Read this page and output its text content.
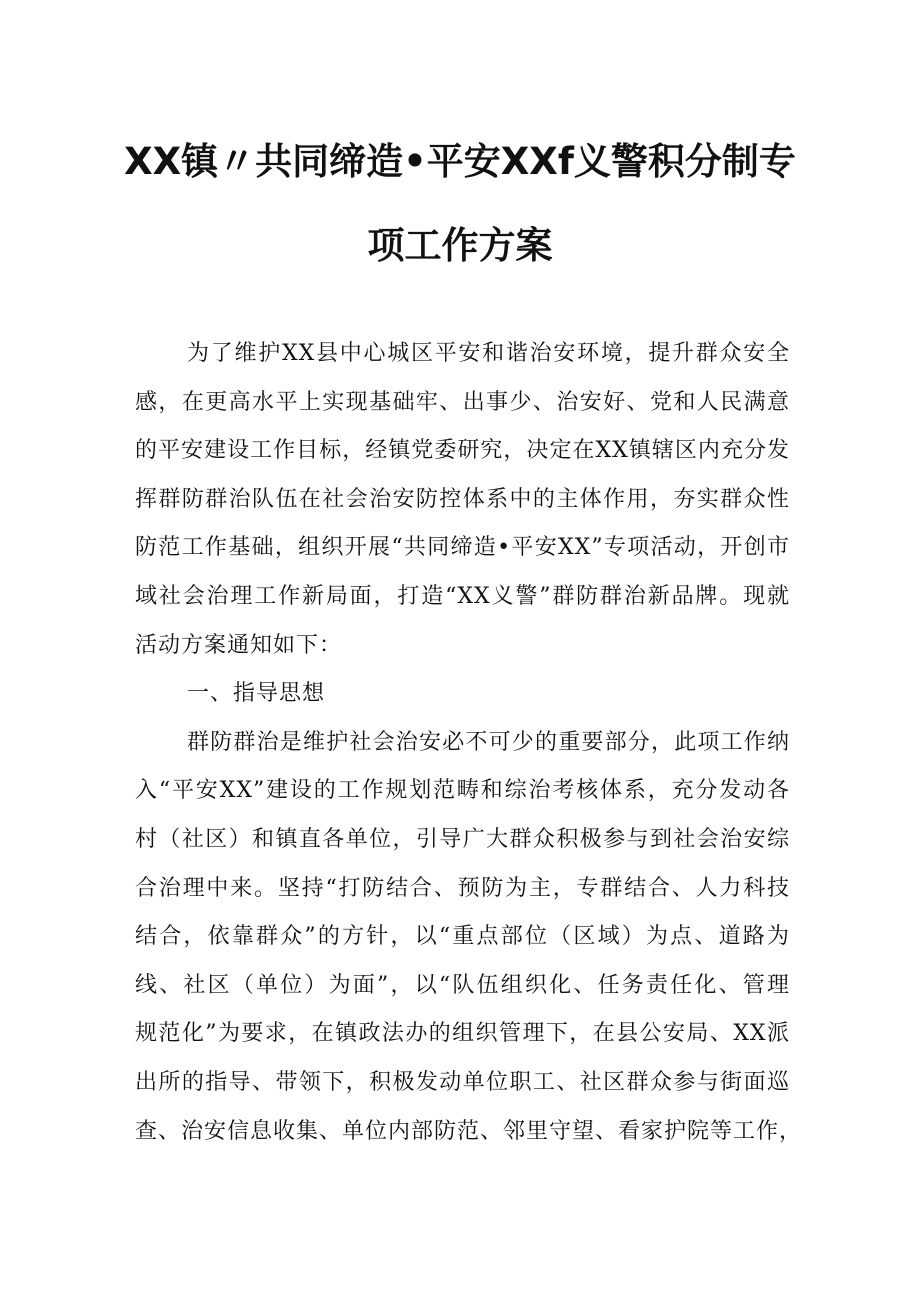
XX镇〃共同缔造•平安XXf义警积分制专
项工作方案
为了维护XX县中心城区平安和谐治安环境，提升群众安全
感，在更高水平上实现基础牢、出事少、治安好、党和人民满意
的平安建设工作目标，经镇党委研究，决定在XX镇辖区内充分发
挥群防群治队伍在社会治安防控体系中的主体作用，夯实群众性
防范工作基础，组织开展“共同缔造•平安XX”专项活动，开创市
域社会治理工作新局面，打造“XX义警”群防群治新品牌。现就
活动方案通知如下：
一、指导思想
群防群治是维护社会治安必不可少的重要部分，此项工作纳
入“平安XX”建设的工作规划范畴和综治考核体系，充分发动各
村（社区）和镇直各单位，引导广大群众积极参与到社会治安综
合治理中来。坚持“打防结合、预防为主，专群结合、人力科技
结合，依靠群众”的方针，以“重点部位（区域）为点、道路为
线、社区（单位）为面”，以“队伍组织化、任务责任化、管理
规范化”为要求，在镇政法办的组织管理下，在县公安局、XX派
出所的指导、带领下，积极发动单位职工、社区群众参与街面巡
查、治安信息收集、单位内部防范、邻里守望、看家护院等工作，
